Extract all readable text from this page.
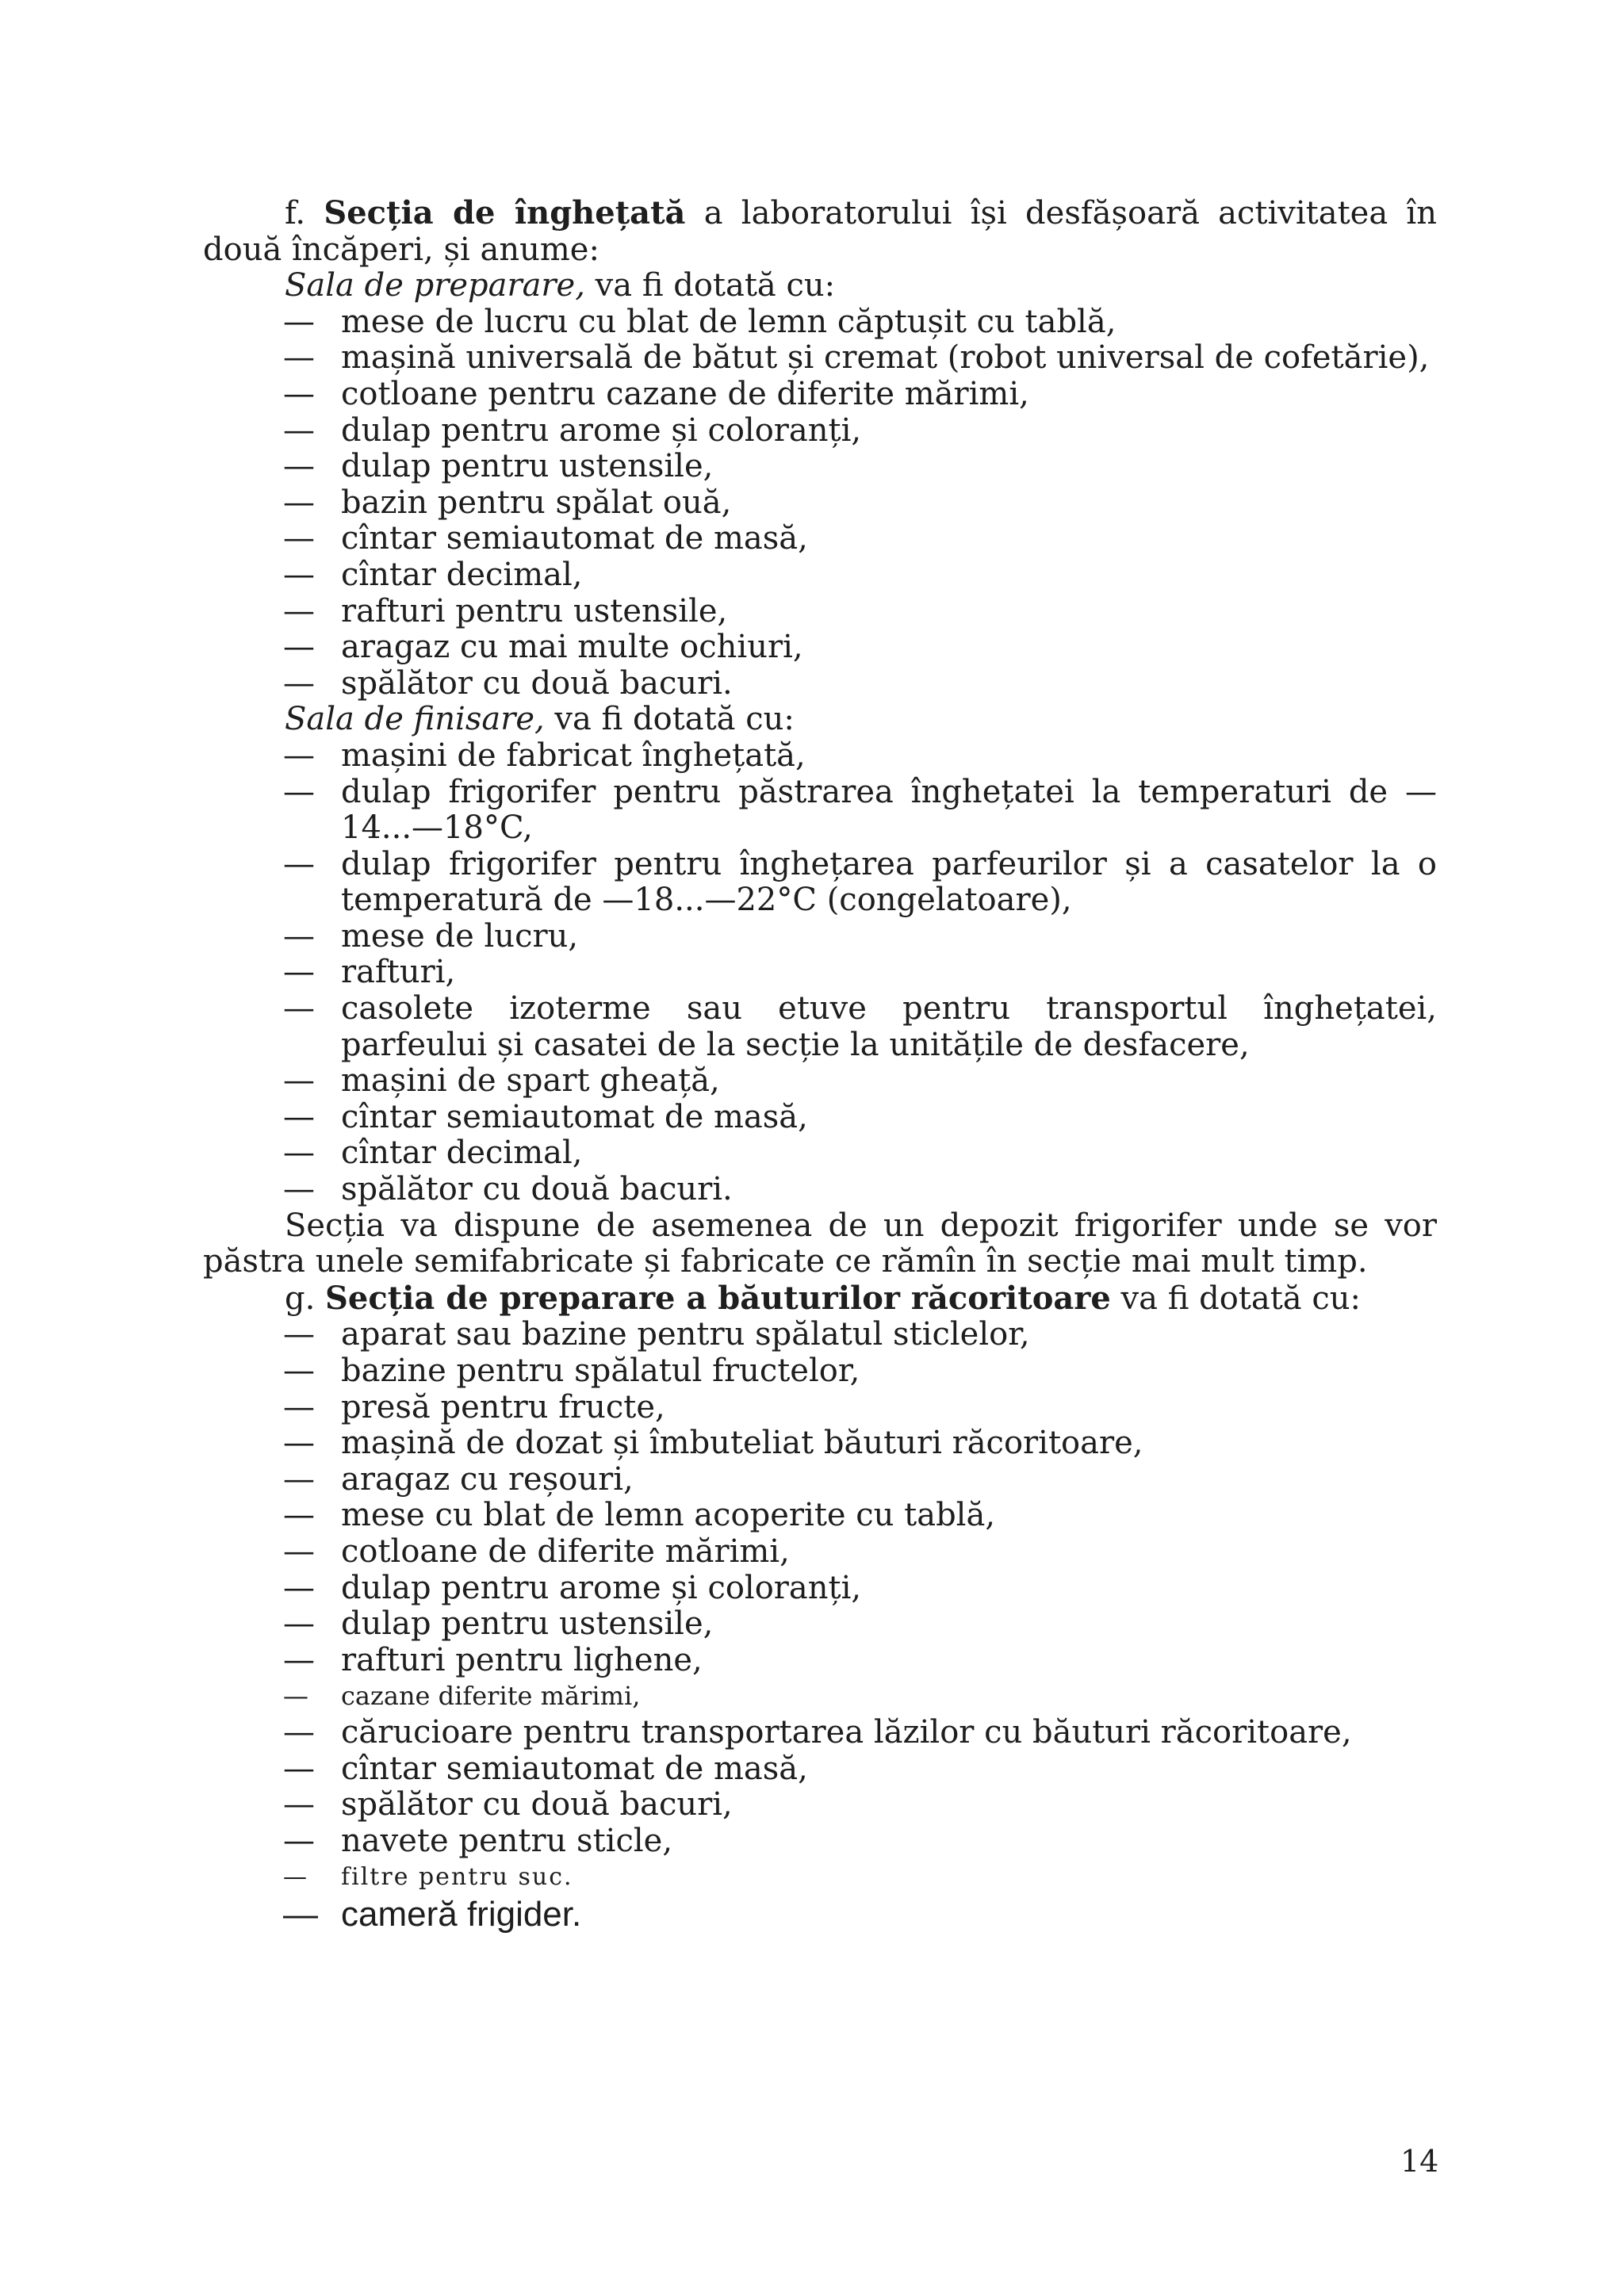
f. Secția de înghețată a laboratorului își desfășoară activitatea în două încăperi, și anume:

Sala de preparare, va fi dotată cu:

— mese de lucru cu blat de lemn căptușit cu tablă,
— mașină universală de bătut și cremat (robot universal de cofetărie),
— cotloane pentru cazane de diferite mărimi,
— dulap pentru arome și coloranți,
— dulap pentru ustensile,
— bazin pentru spălat ouă,
— cîntar semiautomat de masă,
— cîntar decimal,
— rafturi pentru ustensile,
— aragaz cu mai multe ochiuri,
— spălător cu două bacuri.

Sala de finisare, va fi dotată cu:

— mașini de fabricat înghețată,
— dulap frigorifer pentru păstrarea înghețatei la temperaturi de —14...—18°C,
— dulap frigorifer pentru înghețarea parfeurilor și a casatelor la o temperatură de —18...—22°C (congelatoare),
— mese de lucru,
— rafturi,
— casolete izoterme sau etuve pentru transportul înghețatei, parfeului și casatei de la secție la unitățile de desfacere,
— mașini de spart gheață,
— cîntar semiautomat de masă,
— cîntar decimal,
— spălător cu două bacuri.

Secția va dispune de asemenea de un depozit frigorifer unde se vor păstra unele semifabricate și fabricate ce rămîn în secție mai mult timp.

g. Secția de preparare a băuturilor răcoritoare va fi dotată cu:

— aparat sau bazine pentru spălatul sticlelor,
— bazine pentru spălatul fructelor,
— presă pentru fructe,
— mașină de dozat și îmbuteliat băuturi răcoritoare,
— aragaz cu reșouri,
— mese cu blat de lemn acoperite cu tablă,
— cotloane de diferite mărimi,
— dulap pentru arome și coloranți,
— dulap pentru ustensile,
— rafturi pentru lighene,
— cazane diferite mărimi,
— cărucioare pentru transportarea lăzilor cu băuturi răcoritoare,
— cîntar semiautomat de masă,
— spălător cu două bacuri,
— navete pentru sticle,
— filtre pentru suc.
— cameră frigider.
14
